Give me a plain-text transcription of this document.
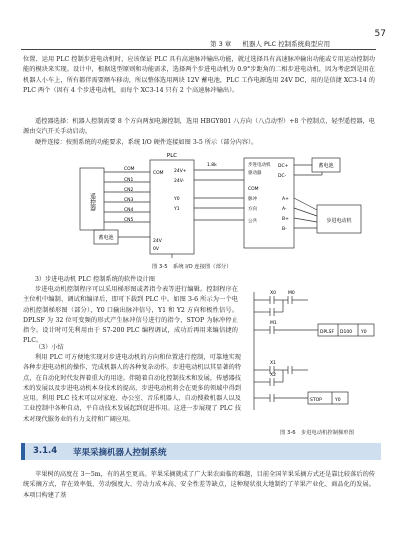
第 3 章 机器人 PLC 控制系统典型应用
57

位置、运用 PLC 控制步进电动机时，应该保证 PLC 具有高速脉冲输出功能，就过选择具有高速脉冲输出功能或专用运动控制功能的模块来实现。设计中，根据选型原则和功能需求，选择两个步进电动机为 0.9°步距角的二相步进电动机，因为考虑到是用在机器人小车上，所有都伴需要额车移动，所以整体选用两块 12V 蓄电池，PLC 工作电源选用 24V DC，用的是信捷 XC3-14 的 PLC 两个（因有 4 个步进电动机，而每个 XC3-14 只有 2 个高速脉冲输出）。

遥控器选择：机器人控制需要 8 个方向两加电源控制，选用 HBGY801 八方向（八点动型）+8 个控制点，轻型遥控器，电源由交汽开关手动启动。

硬件连接：按照系统的功能要求，系统 I/O 硬件连接如图 3-5 所示（部分内容）。

遥控器
PLC
蓄电池
蓄电池
COM
COM
CN1
CN2
CN3
CN4
CN5
24V+
24V-
Y0
Y1
24V
0V
1.8k	步进电动机
驱动器
COM
脉冲
方向
公共
DC+
DC-
A+
A-
B+
B-
步进电动机
图 3-5　系统 I/O 连接图（部分）
3）步进电动机 PLC 控制系统的软件设计图

步进电动机控制程序可以采用梯形图或者指令表等进行编辑。控制程序在主位机中编制、调试和编译后，即可下载到 PLC 中。如图 3-6 所示为一个电动机控制梯形图（部分），Y0 口输出脉冲信号，Y1 和 Y2 方向和极性信号。DPLSF 为 32 位可变频的形式产生脉冲信号进行的指令，STOP 为脉冲停止指令。设计时可先利用由于 S7-200 PLC 编程调试，成功后再用来编信捷的 PLC。

X0	M0
M1
DPLSF D100 Y0
X1
X2
STOP	Y0
（3）小结

利用 PLC 可方便地实现对步进电动机的方向和位置进行控制，可靠地实现各种步进电动机的操作，完成机器人的各种复杂动作。步进电动机以其显著的特点，在自动化时代发挥着重大的用途。伴随着自动化控制技术和发展，传感器技术的发展以及步进电动机本身技术的提高，步进电动机将会在更多的领域中得到应用。利用 PLC 技术可以对家庭、办公室、音乐机器人、自动搜救机器人以及工业控制中各种自动，平自动技术发展起到促进作用。这进一步展现了 PLC 技术对现代服务业的有力支持和广阔应用。

图 3-6　步进电动机控制梯形图
3.1.4 苹果采摘机器人控制系统

苹果树的高度在 3～5m，有的甚至更高。苹果采摘就成了广大果农面临的难题，目前全国苹果采摘方式还是靠比较落后的传统采摘方式，存在效率低、劳动强度大、劳动力成本高、安全性差等缺点，这种现状很大地制约了苹果产业化、商品化的发展。本项目构建了基
